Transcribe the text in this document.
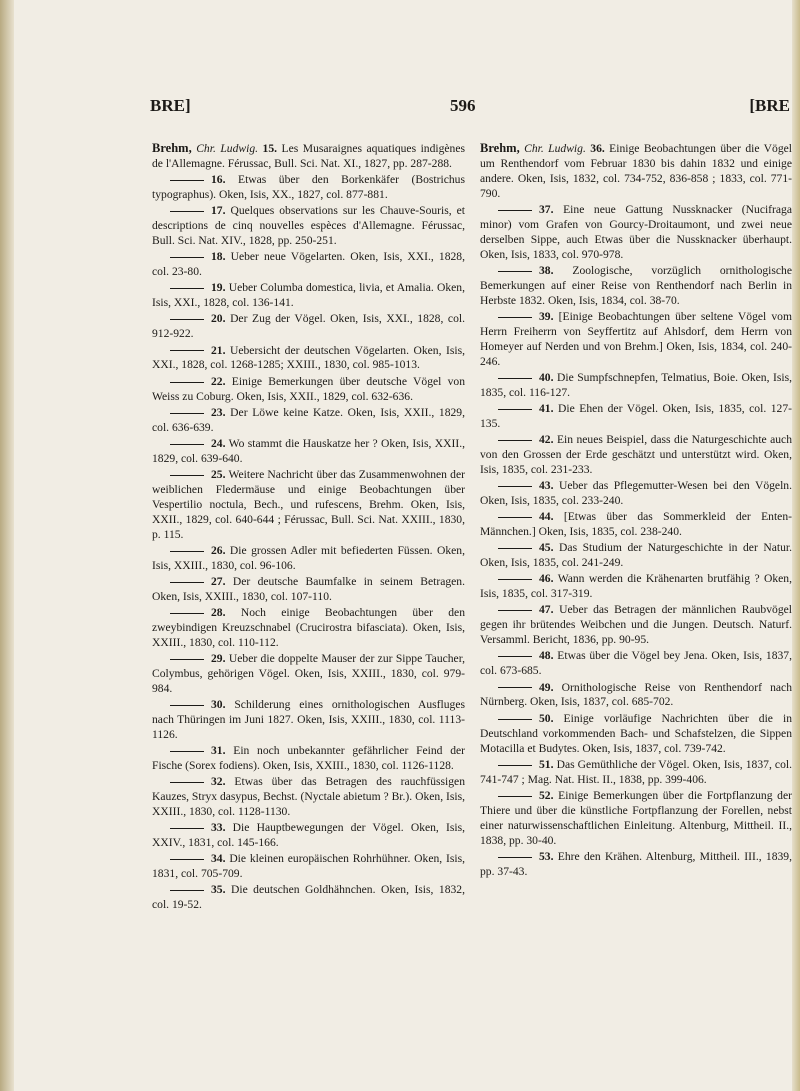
BRE]	596	[BRE

Brehm, Chr. Ludwig. 15. Les Musaraignes aquatiques indigènes de l'Allemagne. Férussac, Bull. Sci. Nat. XI., 1827, pp. 287-288.

16. Etwas über den Borkenkäfer (Bostrichus typographus). Oken, Isis, XX., 1827, col. 877-881.

17. Quelques observations sur les Chauve-Souris, et descriptions de cinq nouvelles espèces d'Allemagne. Férussac, Bull. Sci. Nat. XIV., 1828, pp. 250-251.

18. Ueber neue Vögelarten. Oken, Isis, XXI., 1828, col. 23-80.

19. Ueber Columba domestica, livia, et Amalia. Oken, Isis, XXI., 1828, col. 136-141.

20. Der Zug der Vögel. Oken, Isis, XXI., 1828, col. 912-922.

21. Uebersicht der deutschen Vögelarten. Oken, Isis, XXI., 1828, col. 1268-1285; XXIII., 1830, col. 985-1013.

22. Einige Bemerkungen über deutsche Vögel von Weiss zu Coburg. Oken, Isis, XXII., 1829, col. 632-636.

23. Der Löwe keine Katze. Oken, Isis, XXII., 1829, col. 636-639.

24. Wo stammt die Hauskatze her ? Oken, Isis, XXII., 1829, col. 639-640.

25. Weitere Nachricht über das Zusammenwohnen der weiblichen Fledermäuse und einige Beobachtungen über Vespertilio noctula, Bech., und rufescens, Brehm. Oken, Isis, XXII., 1829, col. 640-644 ; Férussac, Bull. Sci. Nat. XXIII., 1830, p. 115.

26. Die grossen Adler mit befiederten Füssen. Oken, Isis, XXIII., 1830, col. 96-106.

27. Der deutsche Baumfalke in seinem Betragen. Oken, Isis, XXIII., 1830, col. 107-110.

28. Noch einige Beobachtungen über den zweybindigen Kreuzschnabel (Crucirostra bifasciata). Oken, Isis, XXIII., 1830, col. 110-112.

29. Ueber die doppelte Mauser der zur Sippe Taucher, Colymbus, gehörigen Vögel. Oken, Isis, XXIII., 1830, col. 979-984.

30. Schilderung eines ornithologischen Ausfluges nach Thüringen im Juni 1827. Oken, Isis, XXIII., 1830, col. 1113-1126.

31. Ein noch unbekannter gefährlicher Feind der Fische (Sorex fodiens). Oken, Isis, XXIII., 1830, col. 1126-1128.

32. Etwas über das Betragen des rauchfüssigen Kauzes, Stryx dasypus, Bechst. (Nyctale abietum ? Br.). Oken, Isis, XXIII., 1830, col. 1128-1130.

33. Die Hauptbewegungen der Vögel. Oken, Isis, XXIV., 1831, col. 145-166.

34. Die kleinen europäischen Rohrhühner. Oken, Isis, 1831, col. 705-709.

35. Die deutschen Goldhähnchen. Oken, Isis, 1832, col. 19-52.

Brehm, Chr. Ludwig. 36. Einige Beobachtungen über die Vögel um Renthendorf vom Februar 1830 bis dahin 1832 und einige andere. Oken, Isis, 1832, col. 734-752, 836-858 ; 1833, col. 771-790.

37. Eine neue Gattung Nussknacker (Nucifraga minor) vom Grafen von Gourcy-Droitaumont, und zwei neue derselben Sippe, auch Etwas über die Nussknacker überhaupt. Oken, Isis, 1833, col. 970-978.

38. Zoologische, vorzüglich ornithologische Bemerkungen auf einer Reise von Renthendorf nach Berlin in Herbste 1832. Oken, Isis, 1834, col. 38-70.

39. [Einige Beobachtungen über seltene Vögel vom Herrn Freiherrn von Seyffertitz auf Ahlsdorf, dem Herrn von Homeyer auf Nerden und von Brehm.] Oken, Isis, 1834, col. 240-246.

40. Die Sumpfschnepfen, Telmatius, Boie. Oken, Isis, 1835, col. 116-127.

41. Die Ehen der Vögel. Oken, Isis, 1835, col. 127-135.

42. Ein neues Beispiel, dass die Naturgeschichte auch von den Grossen der Erde geschätzt und unterstützt wird. Oken, Isis, 1835, col. 231-233.

43. Ueber das Pflegemutter-Wesen bei den Vögeln. Oken, Isis, 1835, col. 233-240.

44. [Etwas über das Sommerkleid der Enten-Männchen.] Oken, Isis, 1835, col. 238-240.

45. Das Studium der Naturgeschichte in der Natur. Oken, Isis, 1835, col. 241-249.

46. Wann werden die Krähenarten brutfähig ? Oken, Isis, 1835, col. 317-319.

47. Ueber das Betragen der männlichen Raubvögel gegen ihr brütendes Weibchen und die Jungen. Deutsch. Naturf. Versamml. Bericht, 1836, pp. 90-95.

48. Etwas über die Vögel bey Jena. Oken, Isis, 1837, col. 673-685.

49. Ornithologische Reise von Renthendorf nach Nürnberg. Oken, Isis, 1837, col. 685-702.

50. Einige vorläufige Nachrichten über die in Deutschland vorkommenden Bach- und Schafstelzen, die Sippen Motacilla et Budytes. Oken, Isis, 1837, col. 739-742.

51. Das Gemüthliche der Vögel. Oken, Isis, 1837, col. 741-747 ; Mag. Nat. Hist. II., 1838, pp. 399-406.

52. Einige Bemerkungen über die Fortpflanzung der Thiere und über die künstliche Fortpflanzung der Forellen, nebst einer naturwissenschaftlichen Einleitung. Altenburg, Mittheil. II., 1838, pp. 30-40.

53. Ehre den Krähen. Altenburg, Mittheil. III., 1839, pp. 37-43.
